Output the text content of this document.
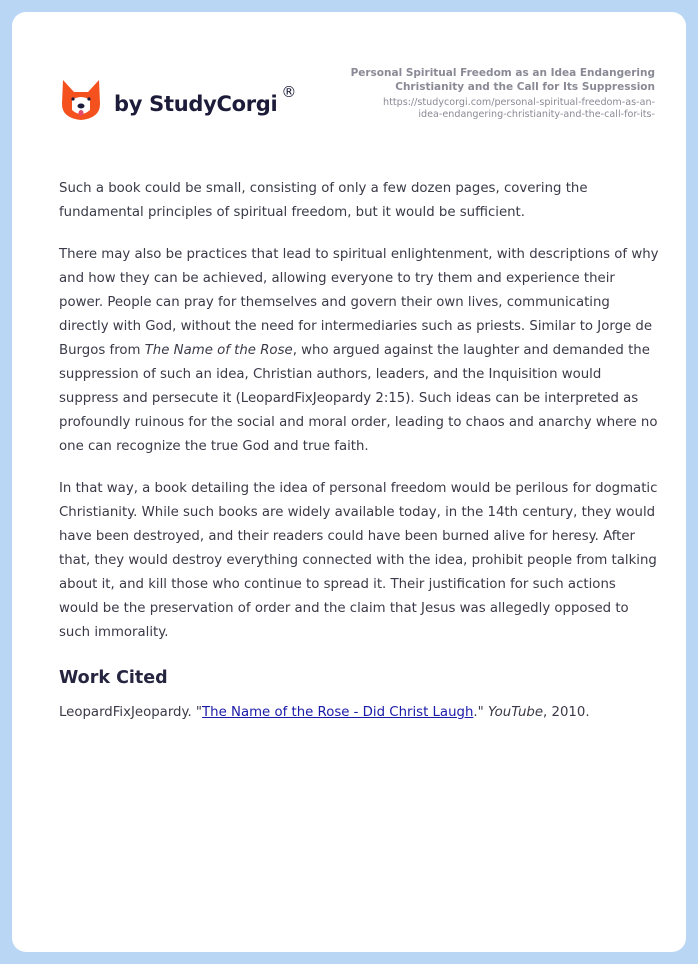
by StudyCorgi ®
Personal Spiritual Freedom as an Idea Endangering Christianity and the Call for Its Suppression
https://studycorgi.com/personal-spiritual-freedom-as-an-
idea-endangering-christianity-and-the-call-for-its-

Such a book could be small, consisting of only a few dozen pages, covering the fundamental principles of spiritual freedom, but it would be sufficient.

There may also be practices that lead to spiritual enlightenment, with descriptions of why and how they can be achieved, allowing everyone to try them and experience their power. People can pray for themselves and govern their own lives, communicating directly with God, without the need for intermediaries such as priests. Similar to Jorge de Burgos from The Name of the Rose, who argued against the laughter and demanded the suppression of such an idea, Christian authors, leaders, and the Inquisition would suppress and persecute it (LeopardFixJeopardy 2:15). Such ideas can be interpreted as profoundly ruinous for the social and moral order, leading to chaos and anarchy where no one can recognize the true God and true faith.

In that way, a book detailing the idea of personal freedom would be perilous for dogmatic Christianity. While such books are widely available today, in the 14th century, they would have been destroyed, and their readers could have been burned alive for heresy. After that, they would destroy everything connected with the idea, prohibit people from talking about it, and kill those who continue to spread it. Their justification for such actions would be the preservation of order and the claim that Jesus was allegedly opposed to such immorality.

Work Cited

LeopardFixJeopardy. "The Name of the Rose - Did Christ Laugh." YouTube, 2010.
